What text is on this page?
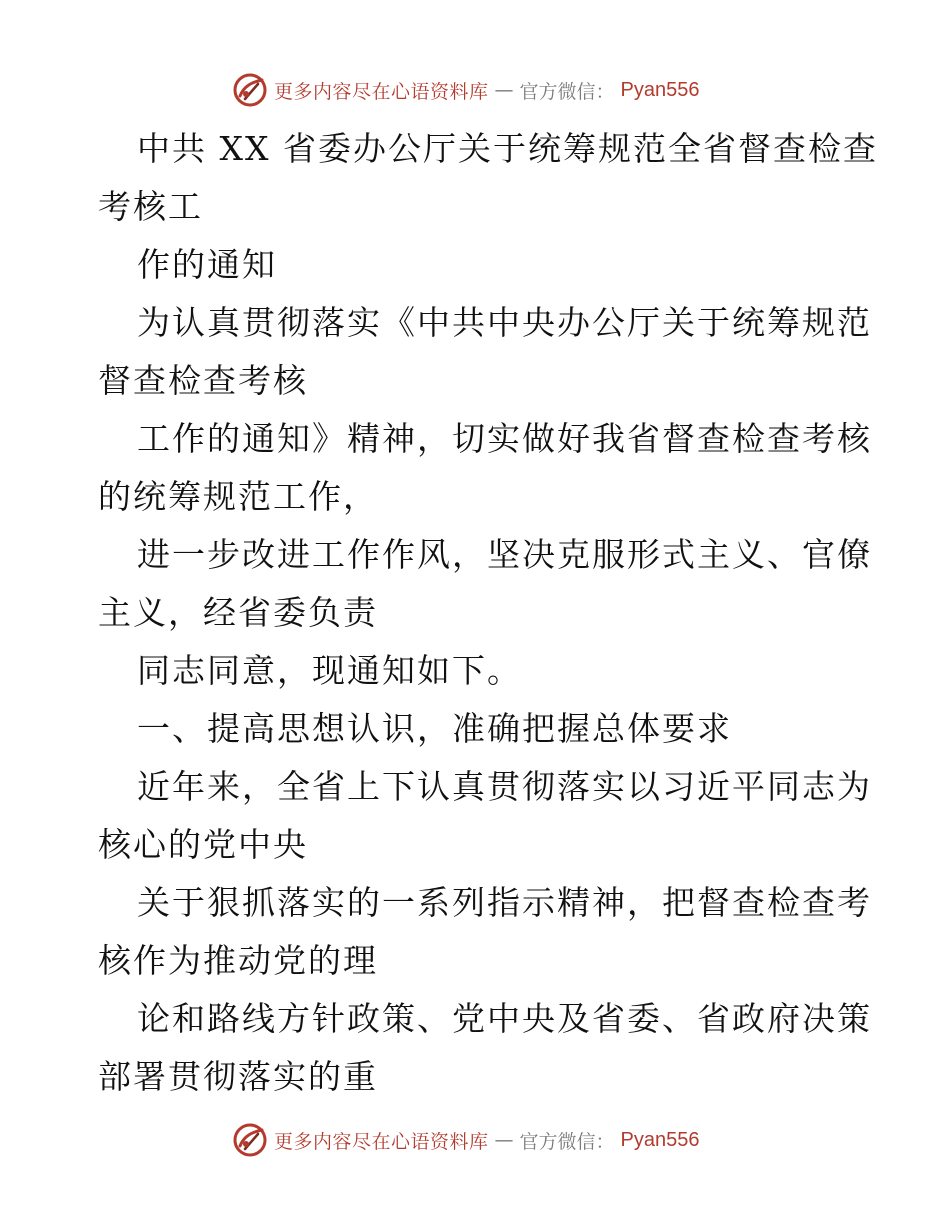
更多内容尽在心语资料库 — 官方微信： Pyan556
中共 XX 省委办公厅关于统筹规范全省督查检查
考核工
作的通知
为认真贯彻落实《中共中央办公厅关于统筹规范
督查检查考核
工作的通知》精神，切实做好我省督查检查考核
的统筹规范工作，
进一步改进工作作风，坚决克服形式主义、官僚
主义，经省委负责
同志同意，现通知如下。
一、提高思想认识，准确把握总体要求
近年来，全省上下认真贯彻落实以习近平同志为
核心的党中央
关于狠抓落实的一系列指示精神，把督查检查考
核作为推动党的理
论和路线方针政策、党中央及省委、省政府决策
部署贯彻落实的重
更多内容尽在心语资料库 — 官方微信： Pyan556
